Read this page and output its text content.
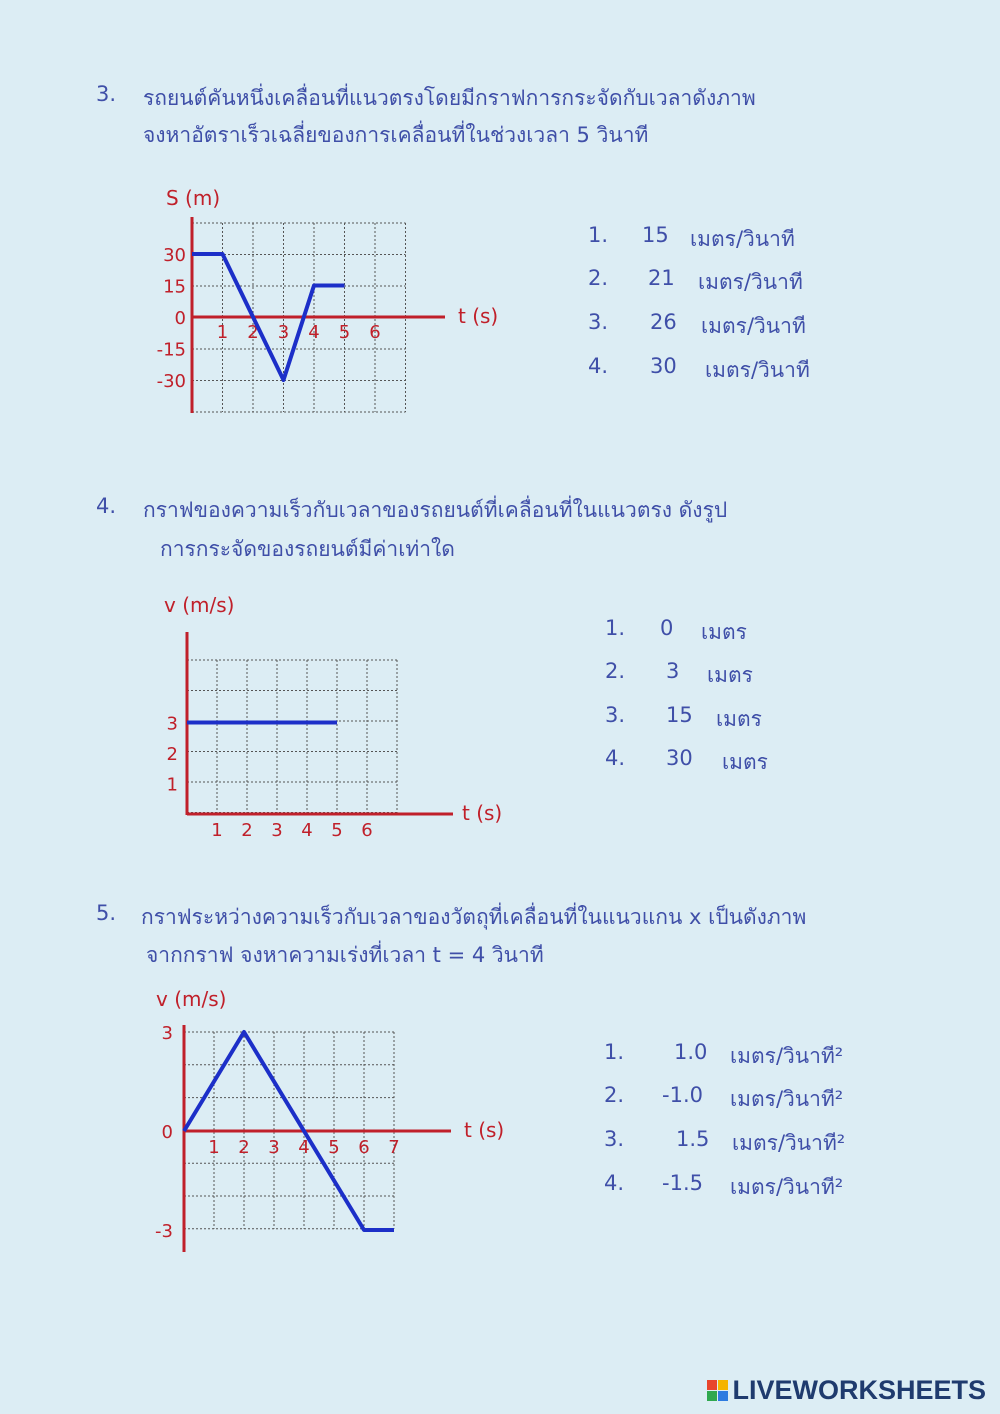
3. รถยนต์คันหนึ่งเคลื่อนที่แนวตรงโดยมีกราฟการกระจัดกับเวลาดังภาพ
จงหาอัตราเร็วเฉลี่ยของการเคลื่อนที่ในช่วงเวลา 5 วินาที
S (m)
t (s)
1 2 3 4 5 6
30
15
0
-15
-30
1. 15 เมตร/วินาที
2. 21 เมตร/วินาที
3. 26 เมตร/วินาที
4. 30 เมตร/วินาที
4. กราฟของความเร็วกับเวลาของรถยนต์ที่เคลื่อนที่ในแนวตรง ดังรูป
การกระจัดของรถยนต์มีค่าเท่าใด
v (m/s)
t (s)
1 2 3 4 5 6
3
2
1
1. 0 เมตร
2. 3 เมตร
3. 15 เมตร
4. 30 เมตร
5. กราฟระหว่างความเร็วกับเวลาของวัตถุที่เคลื่อนที่ในแนวแกน x เป็นดังภาพ
จากกราฟ จงหาความเร่งที่เวลา t = 4 วินาที
v (m/s)
t (s)
1 2 3 4 5 6 7
3
0
-3
1. 1.0 เมตร/วินาที²
2. -1.0 เมตร/วินาที²
3. 1.5 เมตร/วินาที²
4. -1.5 เมตร/วินาที²
LIVEWORKSHEETS
